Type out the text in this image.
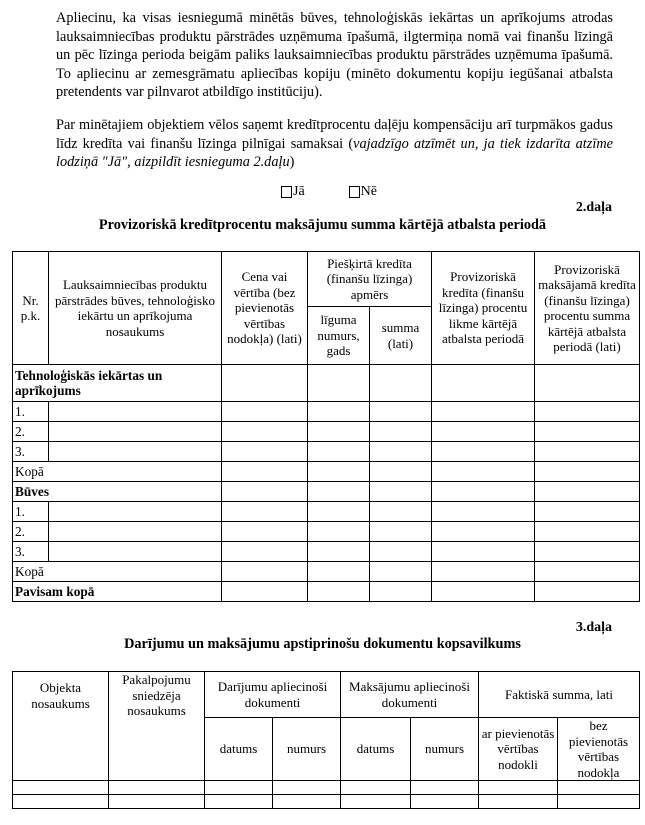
Apliecinu, ka visas iesniegumā minētās būves, tehnoloģiskās iekārtas un aprīkojums atrodas lauksaimniecības produktu pārstrādes uzņēmuma īpašumā, ilgtermiņa nomā vai finanšu līzingā un pēc līzinga perioda beigām paliks lauksaimniecības produktu pārstrādes uzņēmuma īpašumā. To apliecinu ar zemesgrāmatu apliecības kopiju (minēto dokumentu kopiju iegūšanai atbalsta pretendents var pilnvarot atbildīgo institūciju).

Par minētajiem objektiem vēlos saņemt kredītprocentu daļēju kompensāciju arī turpmākos gadus līdz kredīta vai finanšu līzinga pilnīgai samaksai (vajadzīgo atzīmēt un, ja tiek izdarīta atzīme lodziņā "Jā", aizpildīt iesnieguma 2.daļu)

Jā	Nē
2.daļa
Provizoriskā kredītprocentu maksājumu summa kārtējā atbalsta periodā
Nr. p.k.	Lauksaimniecības produktu pārstrādes būves, tehnoloģisko iekārtu un aprīkojuma nosaukums	Cena vai vērtība (bez pievienotās vērtības nodokļa) (lati)	Piešķirtā kredīta (finanšu līzinga) apmērs		Provizoriskā kredīta (finanšu līzinga) procentu likme kārtējā atbalsta periodā	Provizoriskā maksājamā kredīta (finanšu līzinga) procentu summa kārtējā atbalsta periodā (lati)
			līguma numurs, gads	summa (lati)		
Tehnoloģiskās iekārtas un aprīkojums						
1.						
2.						
3.						
Kopā						
Būves						
1.						
2.						
3.						
Kopā						
Pavisam kopā						
3.daļa
Darījumu un maksājumu apstiprinošu dokumentu kopsavilkums
Objekta nosaukums	Pakalpojumu sniedzēja nosaukums	Darījumu apliecinoši dokumenti		Maksājumu apliecinoši dokumenti		Faktiskā summa, lati	
		datums	numurs	datums	numurs	ar pievienotās vērtības nodokli	bez pievienotās vērtības nodokļa
